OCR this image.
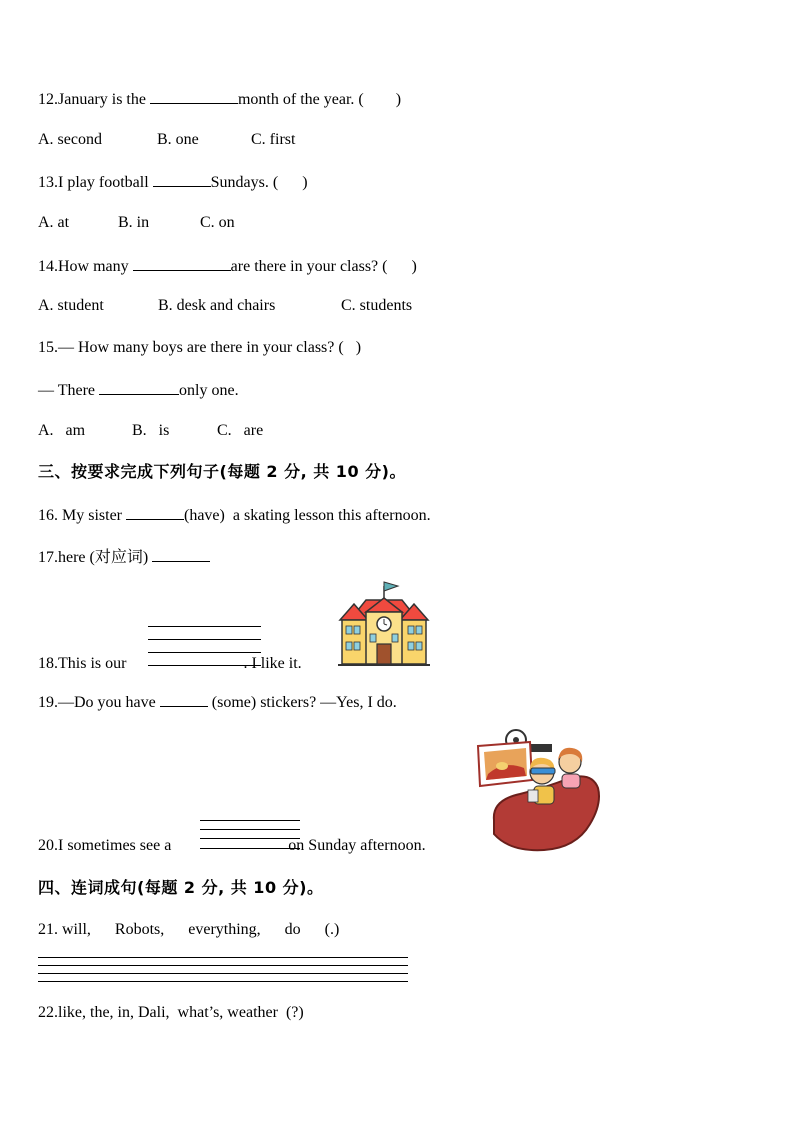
12.January is the	month of the year. (        )
A. second	B. one	C. first
13.I play football	Sundays. (      )
A. at	B. in	C. on
14.How many	are there in your class? (      )
A. student	B. desk and chairs	C. students
15.— How many boys are there in your class? (   )
— There	only one.
A.   am	B.   is	C.   are
三、按要求完成下列句子(每题 2 分, 共 10 分)。
16. My sister	(have)  a skating lesson this afternoon.
17.here (对应词)
18.This is our	. I like it.
19.—Do you have	(some) stickers? —Yes, I do.
20.I sometimes see a	on Sunday afternoon.
四、连词成句(每题 2 分, 共 10 分)。
21. will,      Robots,      everything,      do      (.)
22.like, the, in, Dali,  what’s, weather  (?)
